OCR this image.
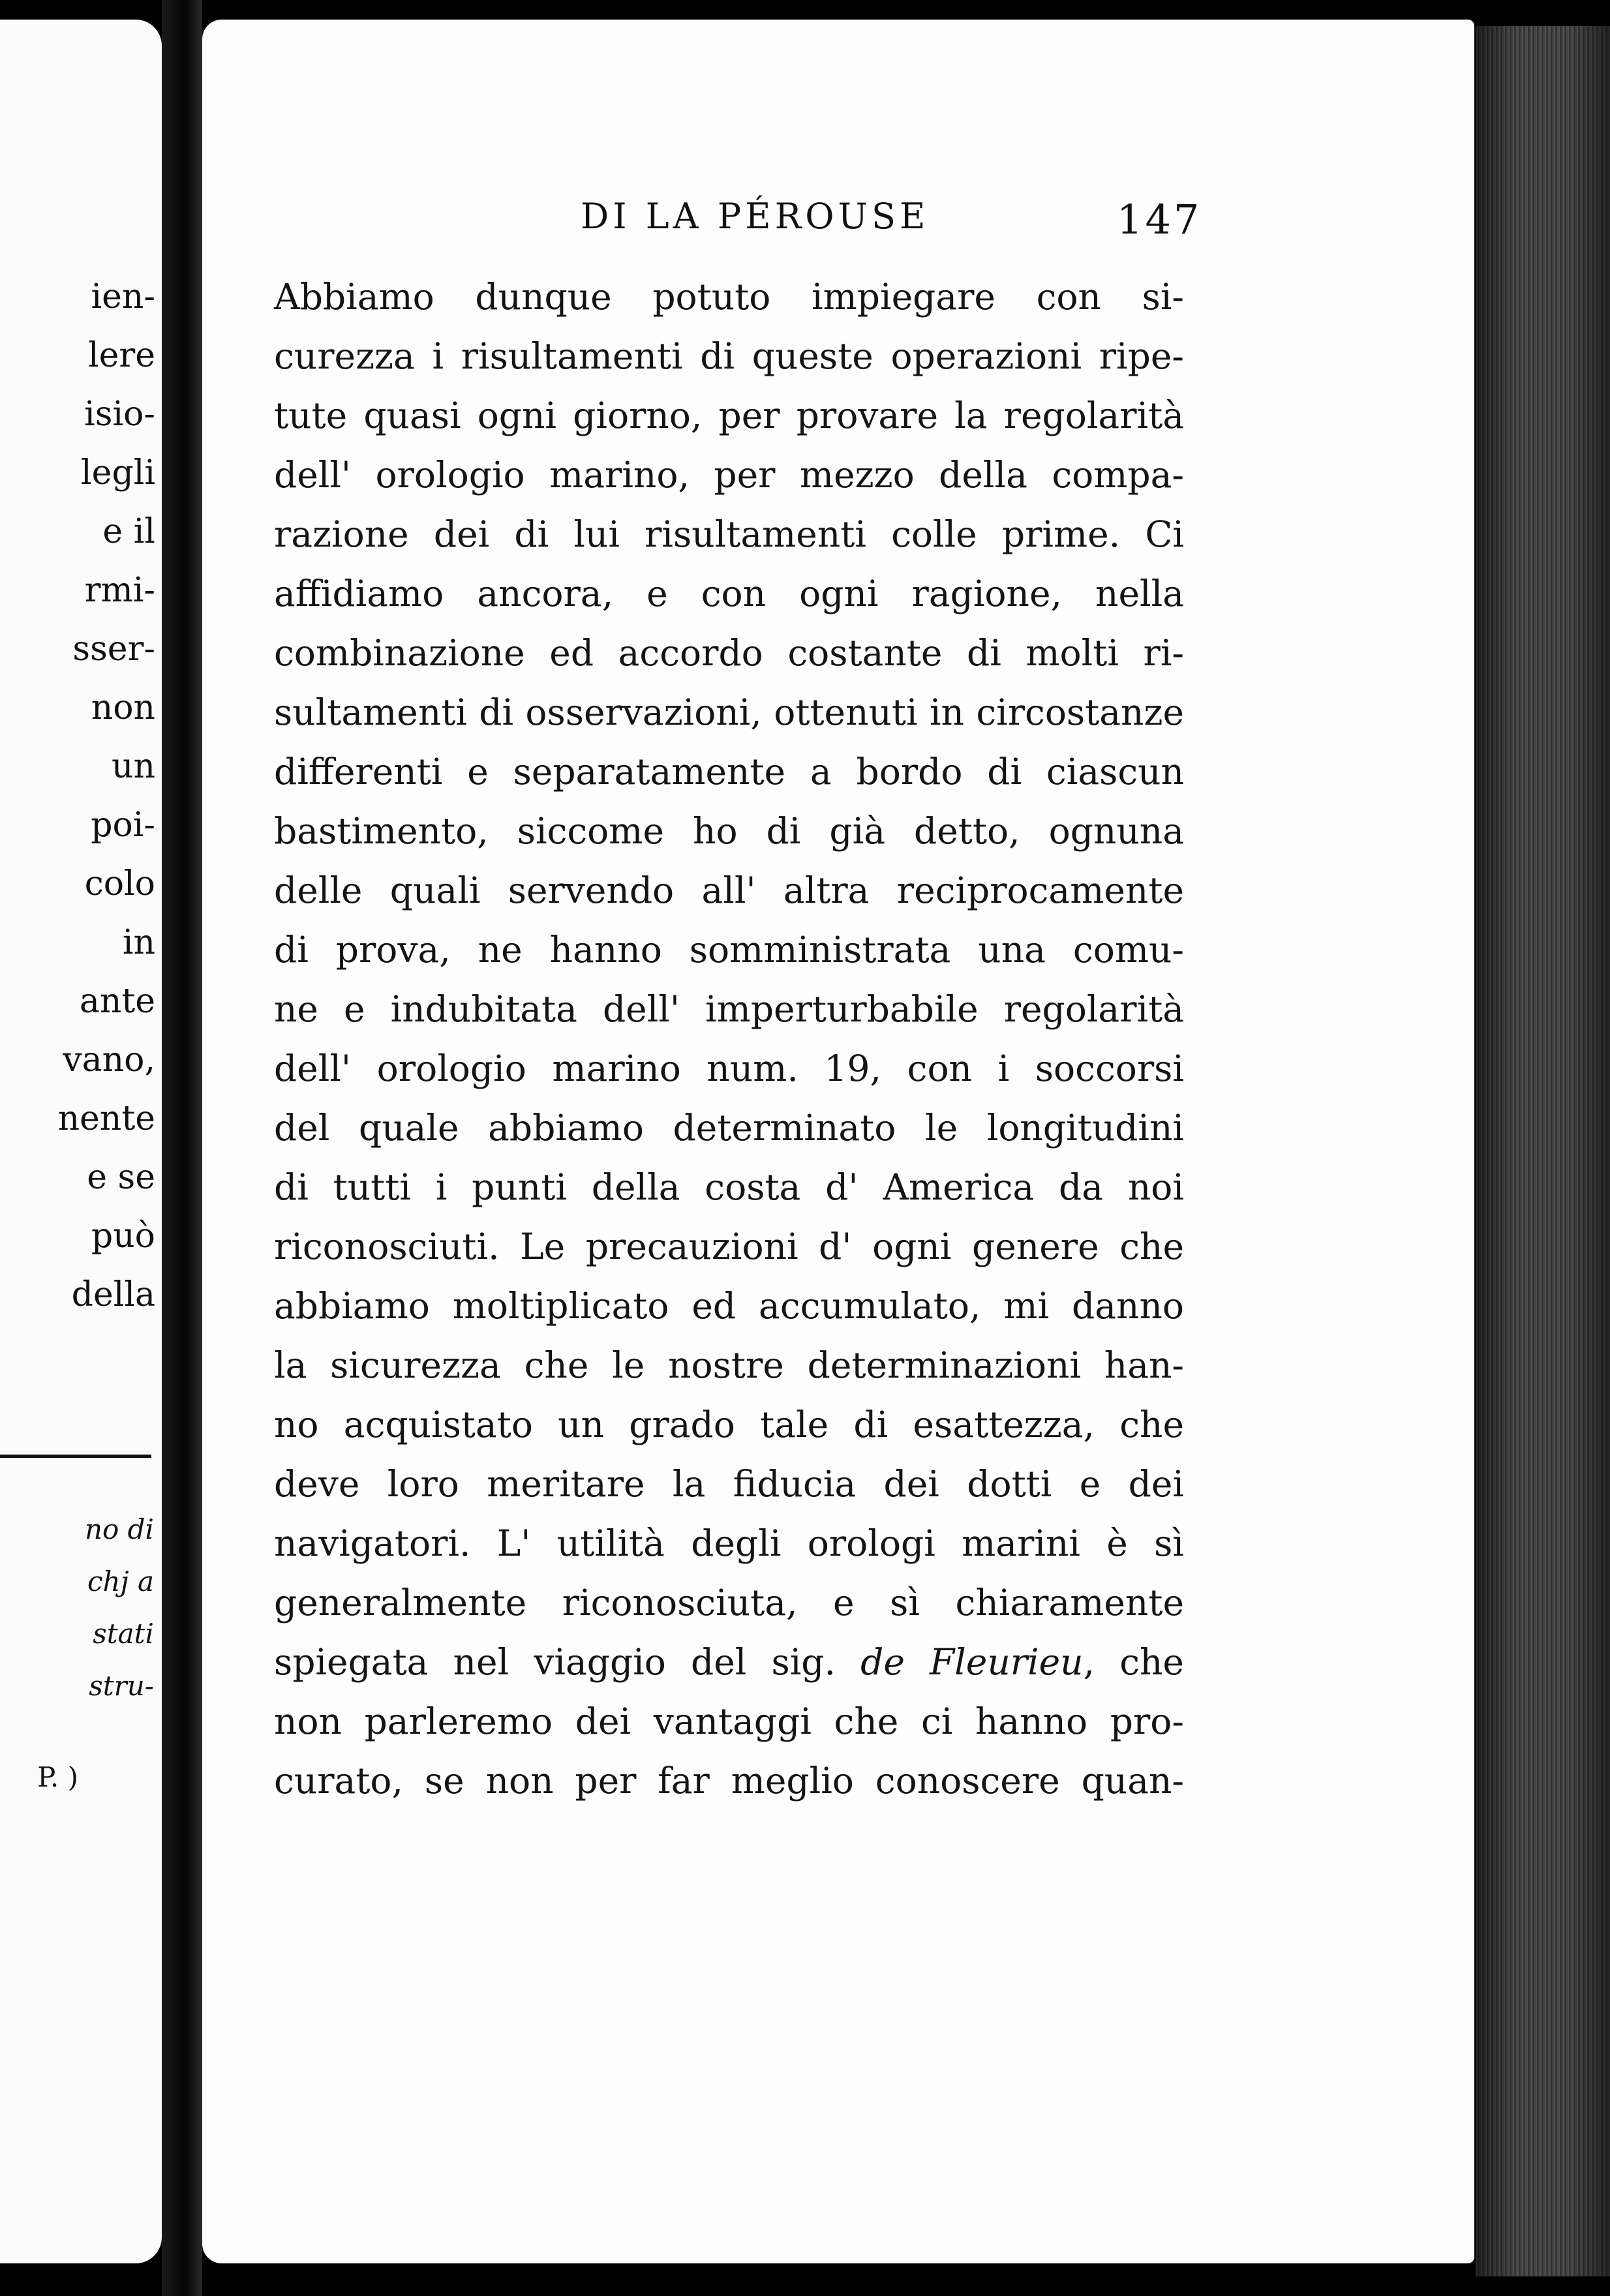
ien-
lere
isio-
legli
e il
rmi-
sser-
non
un
poi-
colo
in
ante
vano,
nente
e se
può
della
no di
chj a
stati
stru-
P. )
DI LA PÉROUSE	147
Abbiamo dunque potuto impiegare con si-
curezza i risultamenti di queste operazioni ripe-
tute quasi ogni giorno, per provare la regolarità
dell' orologio marino, per mezzo della compa-
razione dei di lui risultamenti colle prime. Ci
affidiamo ancora, e con ogni ragione, nella
combinazione ed accordo costante di molti ri-
sultamenti di osservazioni, ottenuti in circostanze
differenti e separatamente a bordo di ciascun
bastimento, siccome ho di già detto, ognuna
delle quali servendo all' altra reciprocamente
di prova, ne hanno somministrata una comu-
ne e indubitata dell' imperturbabile regolarità
dell' orologio marino num. 19, con i soccorsi
del quale abbiamo determinato le longitudini
di tutti i punti della costa d' America da noi
riconosciuti. Le precauzioni d' ogni genere che
abbiamo moltiplicato ed accumulato, mi danno
la sicurezza che le nostre determinazioni han-
no acquistato un grado tale di esattezza, che
deve loro meritare la fiducia dei dotti e dei
navigatori. L' utilità degli orologi marini è sì
generalmente riconosciuta, e sì chiaramente
spiegata nel viaggio del sig. de Fleurieu, che
non parleremo dei vantaggi che ci hanno pro-
curato, se non per far meglio conoscere quan-
